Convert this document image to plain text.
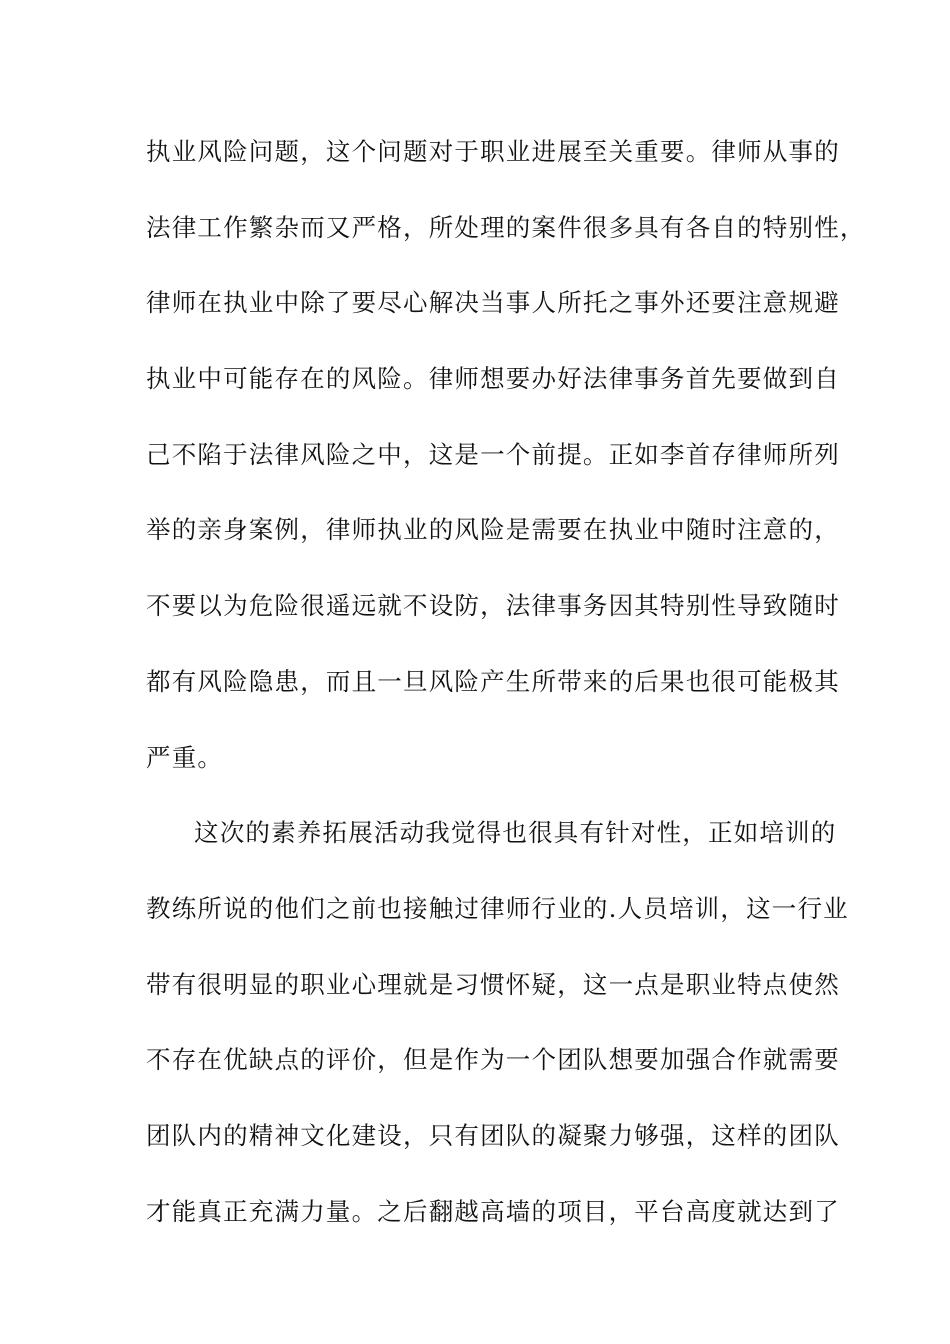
执业风险问题，这个问题对于职业进展至关重要。律师从事的
法律工作繁杂而又严格，所处理的案件很多具有各自的特别性，
律师在执业中除了要尽心解决当事人所托之事外还要注意规避
执业中可能存在的风险。律师想要办好法律事务首先要做到自
己不陷于法律风险之中，这是一个前提。正如李首存律师所列
举的亲身案例，律师执业的风险是需要在执业中随时注意的，
不要以为危险很遥远就不设防，法律事务因其特别性导致随时
都有风险隐患，而且一旦风险产生所带来的后果也很可能极其
严重。
这次的素养拓展活动我觉得也很具有针对性，正如培训的
教练所说的他们之前也接触过律师行业的.人员培训，这一行业
带有很明显的职业心理就是习惯怀疑，这一点是职业特点使然
不存在优缺点的评价，但是作为一个团队想要加强合作就需要
团队内的精神文化建设，只有团队的凝聚力够强，这样的团队
才能真正充满力量。之后翻越高墙的项目，平台高度就达到了
